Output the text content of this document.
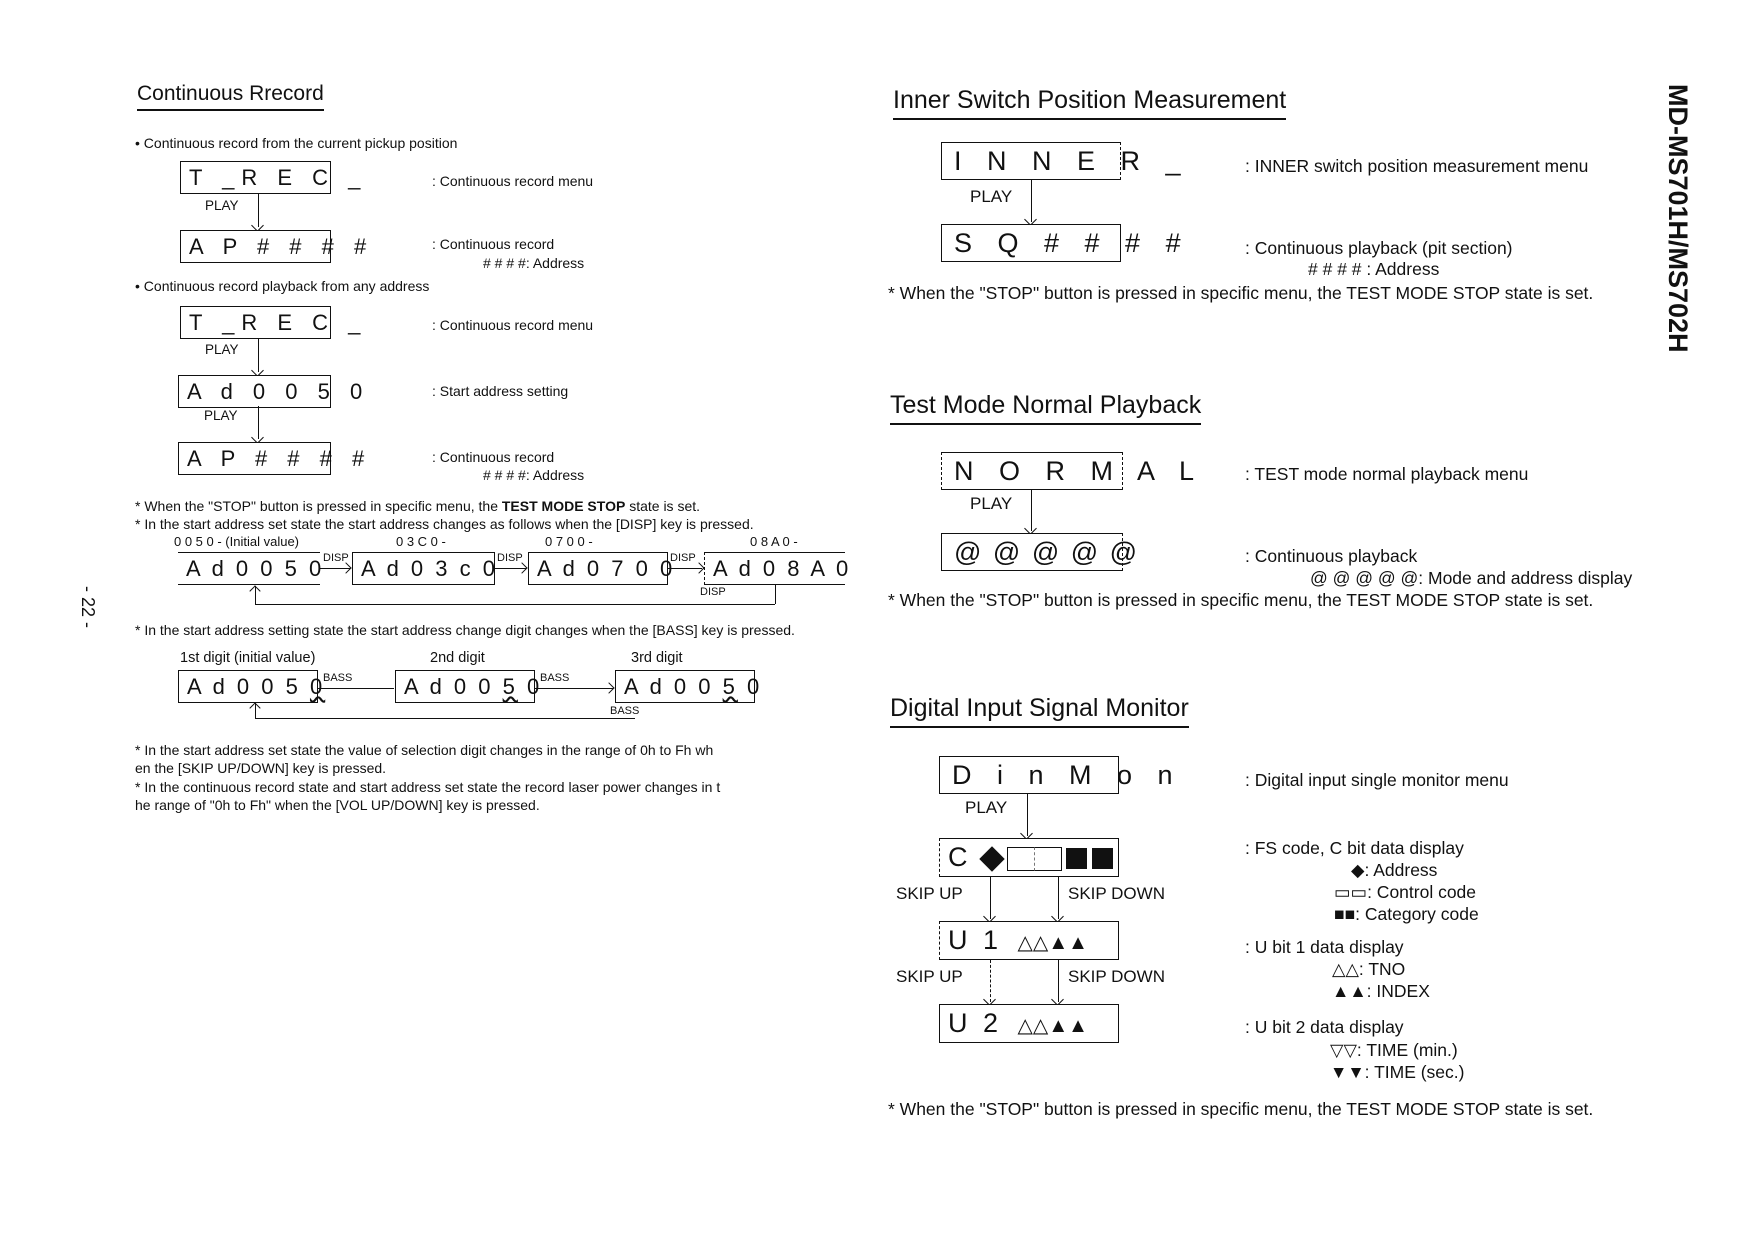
MD-MS701H/MS702H
- 22 -
Continuous Rrecord
• Continuous record from the current pickup position
T _R E C _
PLAY
A P # # # #
: Continuous record menu
: Continuous record
# # # #: Address
• Continuous record playback from any address
T _R E C _
PLAY
A d 0 0 5 0
PLAY
A P # # # #
: Continuous record menu
: Start address setting
: Continuous record
# # # #: Address
* When the "STOP" button is pressed in specific menu, the TEST MODE STOP state is set.
* In the start address set state the start address changes as follows when the [DISP] key is pressed.
0 0 5 0 - (Initial value)	0 3 C 0 -	0 7 0 0 -	0 8 A 0 -
A d 0 0 5 0	A d 0 3 c 0	A d 0 7 0 0	A d 0 8 A 0
DISP	DISP	DISP
DISP
* In the start address setting state the start address change digit changes when the [BASS] key is pressed.
1st digit (initial value)	2nd digit	3rd digit
A d 0 0 5 0	A d 0 0 5 0	A d 0 0 5 0
BASS	BASS
BASS
* In the start address set state the value of selection digit changes in the range of 0h to Fh wh
en the [SKIP UP/DOWN] key is pressed.
* In the continuous record state and start address set state the record laser power changes in t
he range of "0h to Fh" when the [VOL UP/DOWN] key is pressed.
Inner Switch Position Measurement
I N N E R _
PLAY
S Q # # # #
: INNER switch position measurement menu
: Continuous playback (pit section)
# # # # : Address
* When the "STOP" button is pressed in specific menu, the TEST MODE STOP state is set.
Test Mode Normal Playback
N O R M A L
PLAY
@ @ @ @ @
: TEST mode normal playback menu
: Continuous playback
@ @ @ @ @: Mode and address display
* When the "STOP" button is pressed in specific menu, the TEST MODE STOP state is set.
Digital Input Signal Monitor
D i n M o n
PLAY
C
SKIP UP	SKIP DOWN
U 1 △△▲▲
SKIP UP	SKIP DOWN
U 2 △△▲▲
: Digital input single monitor menu
: FS code, C bit data display
◆: Address
▭▭: Control code
■■: Category code
: U bit 1 data display
△△: TNO
▲▲: INDEX
: U bit 2 data display
▽▽: TIME (min.)
▼▼: TIME (sec.)
* When the "STOP" button is pressed in specific menu, the TEST MODE STOP state is set.
